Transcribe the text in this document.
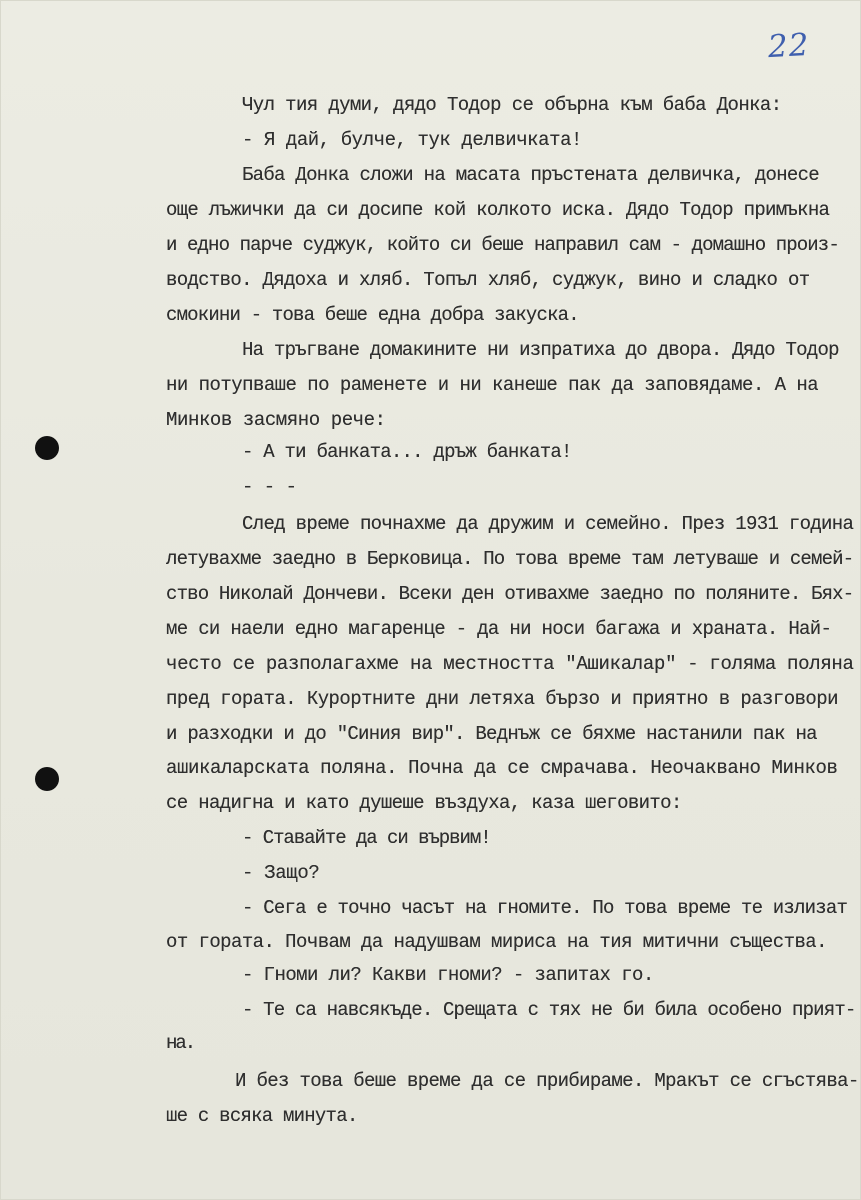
22
Чул тия думи, дядо Тодор се обърна към баба Донка:
- Я дай, булче, тук делвичката!
Баба Донка сложи на масата пръстената делвичка, донесе
още лъжички да си досипе кой колкото иска. Дядо Тодор примъкна
и едно парче суджук, който си беше направил сам - домашно произ-
водство. Дядоха и хляб. Топъл хляб, суджук, вино и сладко от
смокини - това беше една добра закуска.
На тръгване домакините ни изпратиха до двора. Дядо Тодор
ни потупваше по раменете и ни канеше пак да заповядаме. А на
Минков засмяно рече:
- А ти банката... дръж банката!
- - -
След време почнахме да дружим и семейно. През 1931 година
летувахме заедно в Берковица. По това време там летуваше и семей-
ство Николай Дончеви. Всеки ден отивахме заедно по поляните. Бях-
ме си наели едно магаренце - да ни носи багажа и храната. Най-
често се разполагахме на местността "Ашикалар" - голяма поляна
пред гората. Курортните дни летяха бързо и приятно в разговори
и разходки и до "Синия вир". Веднъж се бяхме настанили пак на
ашикаларската поляна. Почна да се смрачава. Неочаквано Минков
се надигна и като душеше въздуха, каза шеговито:
- Ставайте да си вървим!
- Защо?
- Сега е точно часът на гномите. По това време те излизат
от гората. Почвам да надушвам мириса на тия митични същества.
- Гноми ли? Какви гноми? - запитах го.
- Те са навсякъде. Срещата с тях не би била особено прият-
на.
И без това беше време да се прибираме. Мракът се сгъстява-
ше с всяка минута.
